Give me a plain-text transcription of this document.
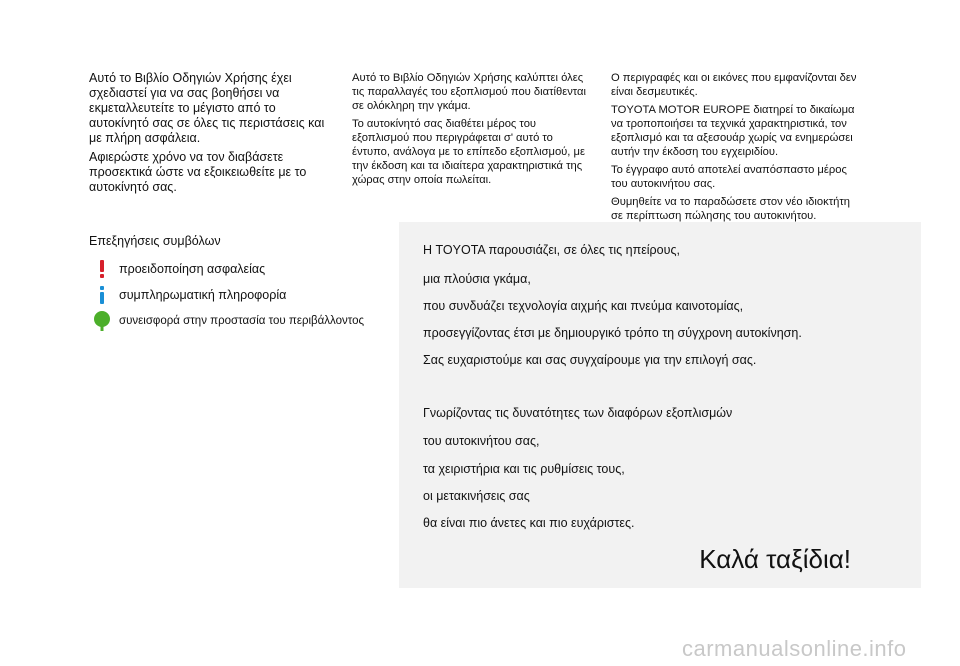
Αυτό το Βιβλίο Οδηγιών Χρήσης έχει σχεδιαστεί για να σας βοηθήσει να εκμεταλλευτείτε το μέγιστο από το αυτοκίνητό σας σε όλες τις περιστάσεις και με πλήρη ασφάλεια.

Αφιερώστε χρόνο να τον διαβάσετε προσεκτικά ώστε να εξοικειωθείτε με το αυτοκίνητό σας.

Αυτό το Βιβλίο Οδηγιών Χρήσης καλύπτει όλες τις παραλλαγές του εξοπλισμού που διατίθενται σε ολόκληρη την γκάμα.

Το αυτοκίνητό σας διαθέτει μέρος του εξοπλισμού που περιγράφεται σ' αυτό το έντυπο, ανάλογα με το επίπεδο εξοπλισμού, με την έκδοση και τα ιδιαίτερα χαρακτηριστικά της χώρας στην οποία πωλείται.

Ο περιγραφές και οι εικόνες που εμφανίζονται δεν είναι δεσμευτικές.

TOYOTA MOTOR EUROPE διατηρεί το δικαίωμα να τροποποιήσει τα τεχνικά χαρακτηριστικά, τον εξοπλισμό και τα αξεσουάρ χωρίς να ενημερώσει αυτήν την έκδοση του εγχειριδίου.

Το έγγραφο αυτό αποτελεί αναπόσπαστο μέρος του αυτοκινήτου σας.

Θυμηθείτε να το παραδώσετε στον νέο ιδιοκτήτη σε περίπτωση πώλησης του αυτοκινήτου.

Επεξηγήσεις συμβόλων
προειδοποίηση ασφαλείας
συμπληρωματική πληροφορία
συνεισφορά στην προστασία του περιβάλλοντος
Η TOYOTA παρουσιάζει, σε όλες τις ηπείρους,
μια πλούσια γκάμα,
που συνδυάζει τεχνολογία αιχμής και πνεύμα καινοτομίας,
προσεγγίζοντας έτσι με δημιουργικό τρόπο τη σύγχρονη αυτοκίνηση.
Σας ευχαριστούμε και σας συγχαίρουμε για την επιλογή σας.
Γνωρίζοντας τις δυνατότητες των διαφόρων εξοπλισμών
του αυτοκινήτου σας,
τα χειριστήρια και τις ρυθμίσεις τους,
οι μετακινήσεις σας
θα είναι πιο άνετες και πιο ευχάριστες.
Καλά ταξίδια!
carmanualsonline.info
